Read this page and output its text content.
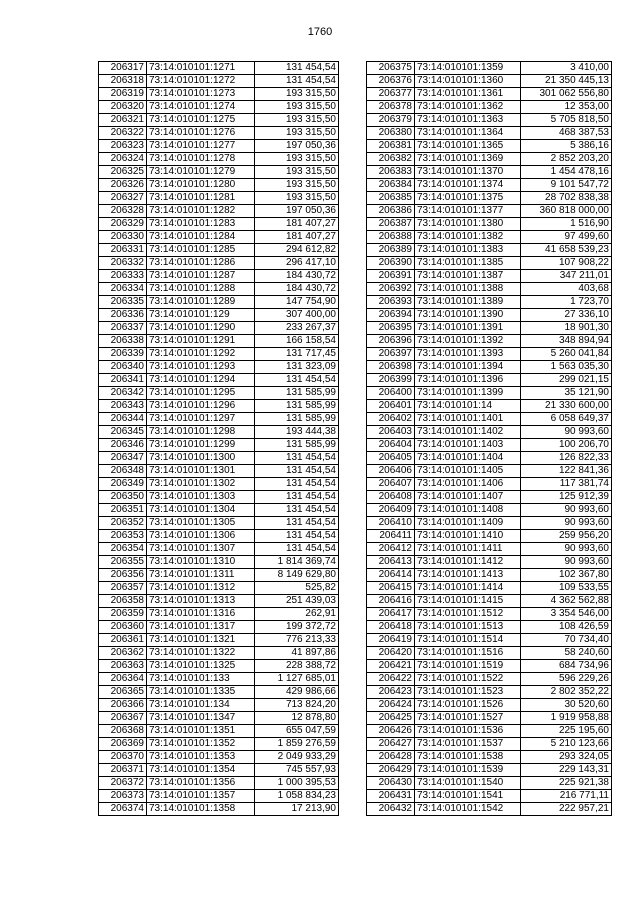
1760
206317	73:14:010101:1271	131 454,54
206318	73:14:010101:1272	131 454,54
206319	73:14:010101:1273	193 315,50
206320	73:14:010101:1274	193 315,50
206321	73:14:010101:1275	193 315,50
206322	73:14:010101:1276	193 315,50
206323	73:14:010101:1277	197 050,36
206324	73:14:010101:1278	193 315,50
206325	73:14:010101:1279	193 315,50
206326	73:14:010101:1280	193 315,50
206327	73:14:010101:1281	193 315,50
206328	73:14:010101:1282	197 050,36
206329	73:14:010101:1283	181 407,27
206330	73:14:010101:1284	181 407,27
206331	73:14:010101:1285	294 612,82
206332	73:14:010101:1286	296 417,10
206333	73:14:010101:1287	184 430,72
206334	73:14:010101:1288	184 430,72
206335	73:14:010101:1289	147 754,90
206336	73:14:010101:129	307 400,00
206337	73:14:010101:1290	233 267,37
206338	73:14:010101:1291	166 158,54
206339	73:14:010101:1292	131 717,45
206340	73:14:010101:1293	131 323,09
206341	73:14:010101:1294	131 454,54
206342	73:14:010101:1295	131 585,99
206343	73:14:010101:1296	131 585,99
206344	73:14:010101:1297	131 585,99
206345	73:14:010101:1298	193 444,38
206346	73:14:010101:1299	131 585,99
206347	73:14:010101:1300	131 454,54
206348	73:14:010101:1301	131 454,54
206349	73:14:010101:1302	131 454,54
206350	73:14:010101:1303	131 454,54
206351	73:14:010101:1304	131 454,54
206352	73:14:010101:1305	131 454,54
206353	73:14:010101:1306	131 454,54
206354	73:14:010101:1307	131 454,54
206355	73:14:010101:1310	1 814 369,74
206356	73:14:010101:1311	8 149 629,80
206357	73:14:010101:1312	525,82
206358	73:14:010101:1313	251 439,03
206359	73:14:010101:1316	262,91
206360	73:14:010101:1317	199 372,72
206361	73:14:010101:1321	776 213,33
206362	73:14:010101:1322	41 897,86
206363	73:14:010101:1325	228 388,72
206364	73:14:010101:133	1 127 685,01
206365	73:14:010101:1335	429 986,66
206366	73:14:010101:134	713 824,20
206367	73:14:010101:1347	12 878,80
206368	73:14:010101:1351	655 047,59
206369	73:14:010101:1352	1 859 276,59
206370	73:14:010101:1353	2 049 933,29
206371	73:14:010101:1354	745 557,93
206372	73:14:010101:1356	1 000 395,53
206373	73:14:010101:1357	1 058 834,23
206374	73:14:010101:1358	17 213,90
206375	73:14:010101:1359	3 410,00
206376	73:14:010101:1360	21 350 445,13
206377	73:14:010101:1361	301 062 556,80
206378	73:14:010101:1362	12 353,00
206379	73:14:010101:1363	5 705 818,50
206380	73:14:010101:1364	468 387,53
206381	73:14:010101:1365	5 386,16
206382	73:14:010101:1369	2 852 203,20
206383	73:14:010101:1370	1 454 478,16
206384	73:14:010101:1374	9 101 547,72
206385	73:14:010101:1375	28 702 838,38
206386	73:14:010101:1377	360 818 000,00
206387	73:14:010101:1380	1 516,90
206388	73:14:010101:1382	97 499,60
206389	73:14:010101:1383	41 658 539,23
206390	73:14:010101:1385	107 908,22
206391	73:14:010101:1387	347 211,01
206392	73:14:010101:1388	403,68
206393	73:14:010101:1389	1 723,70
206394	73:14:010101:1390	27 336,10
206395	73:14:010101:1391	18 901,30
206396	73:14:010101:1392	348 894,94
206397	73:14:010101:1393	5 260 041,84
206398	73:14:010101:1394	1 563 035,30
206399	73:14:010101:1396	299 021,15
206400	73:14:010101:1399	35 121,90
206401	73:14:010101:14	21 330 600,00
206402	73:14:010101:1401	6 058 649,37
206403	73:14:010101:1402	90 993,60
206404	73:14:010101:1403	100 206,70
206405	73:14:010101:1404	126 822,33
206406	73:14:010101:1405	122 841,36
206407	73:14:010101:1406	117 381,74
206408	73:14:010101:1407	125 912,39
206409	73:14:010101:1408	90 993,60
206410	73:14:010101:1409	90 993,60
206411	73:14:010101:1410	259 956,20
206412	73:14:010101:1411	90 993,60
206413	73:14:010101:1412	90 993,60
206414	73:14:010101:1413	102 367,80
206415	73:14:010101:1414	109 533,55
206416	73:14:010101:1415	4 362 562,88
206417	73:14:010101:1512	3 354 546,00
206418	73:14:010101:1513	108 426,59
206419	73:14:010101:1514	70 734,40
206420	73:14:010101:1516	58 240,60
206421	73:14:010101:1519	684 734,96
206422	73:14:010101:1522	596 229,26
206423	73:14:010101:1523	2 802 352,22
206424	73:14:010101:1526	30 520,60
206425	73:14:010101:1527	1 919 958,88
206426	73:14:010101:1536	225 195,60
206427	73:14:010101:1537	5 210 123,66
206428	73:14:010101:1538	293 324,05
206429	73:14:010101:1539	229 143,31
206430	73:14:010101:1540	225 921,38
206431	73:14:010101:1541	216 771,11
206432	73:14:010101:1542	222 957,21
